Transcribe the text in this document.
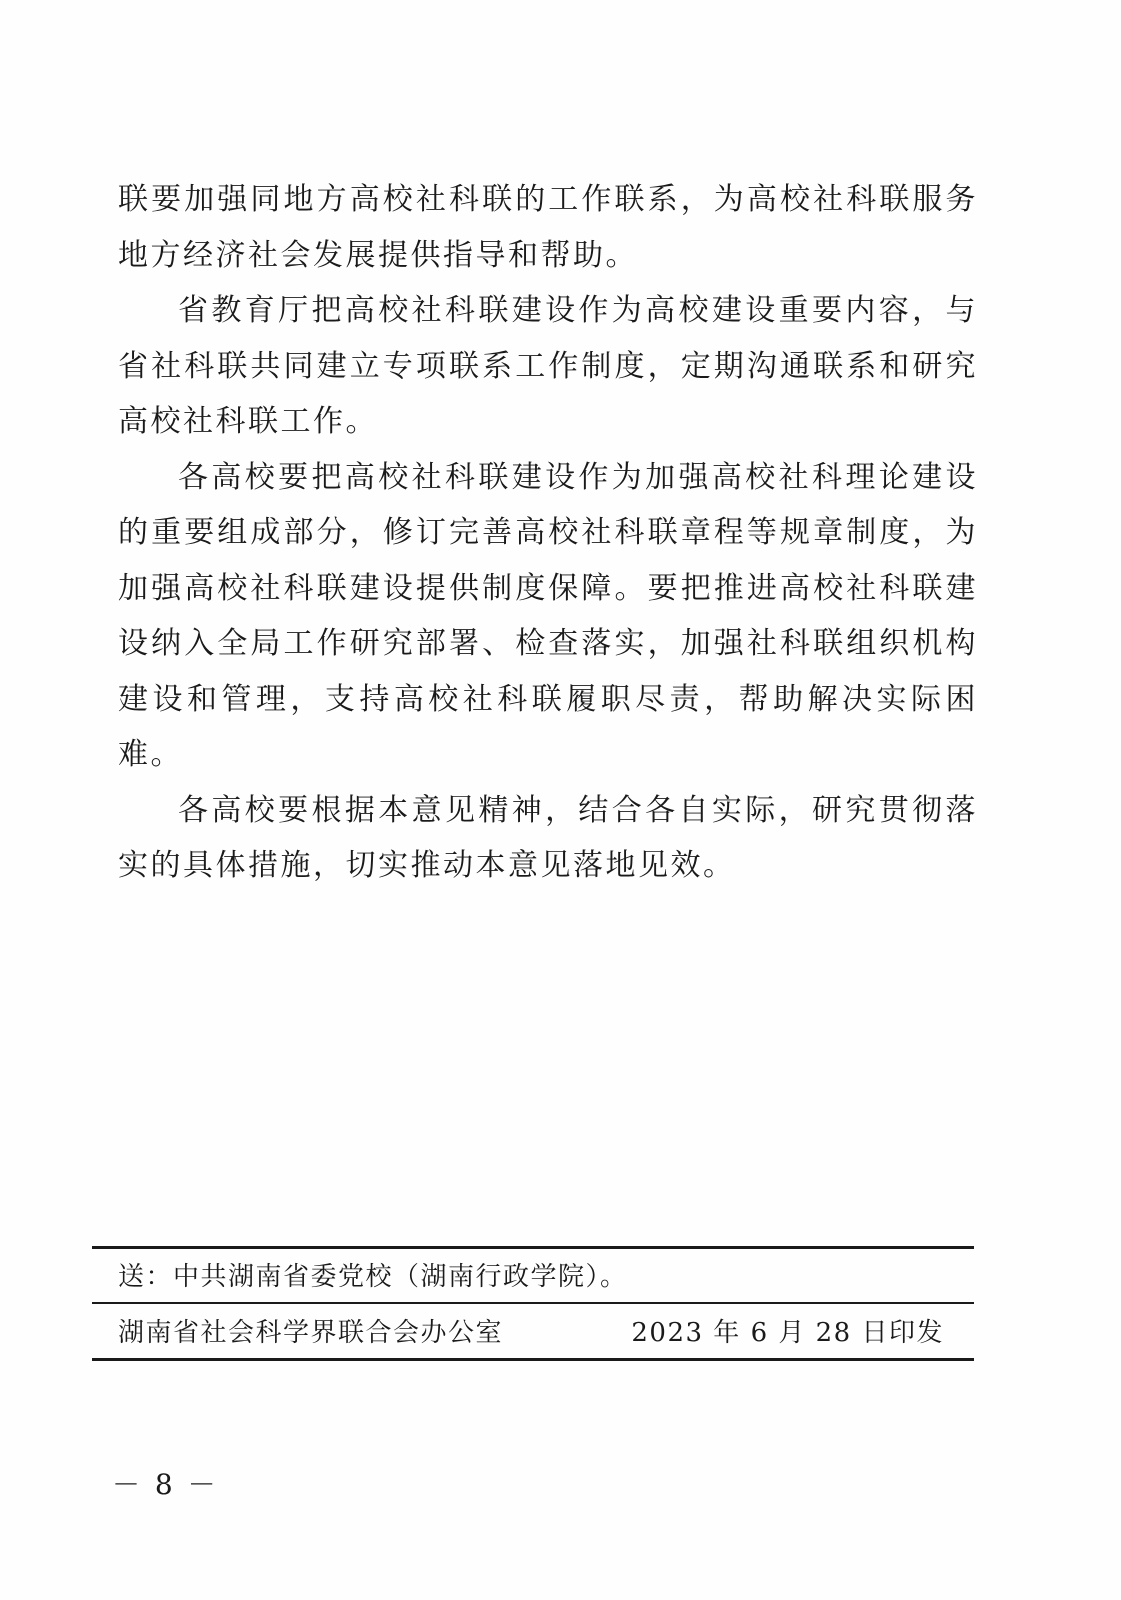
联要加强同地方高校社科联的工作联系，为高校社科联服务地方经济社会发展提供指导和帮助。

省教育厅把高校社科联建设作为高校建设重要内容，与省社科联共同建立专项联系工作制度，定期沟通联系和研究高校社科联工作。

各高校要把高校社科联建设作为加强高校社科理论建设的重要组成部分，修订完善高校社科联章程等规章制度，为加强高校社科联建设提供制度保障。要把推进高校社科联建设纳入全局工作研究部署、检查落实，加强社科联组织机构建设和管理，支持高校社科联履职尽责，帮助解决实际困难。

各高校要根据本意见精神，结合各自实际，研究贯彻落实的具体措施，切实推动本意见落地见效。

送：中共湖南省委党校（湖南行政学院）。
湖南省社会科学界联合会办公室	2023 年 6 月 28 日印发
－ 8 －
